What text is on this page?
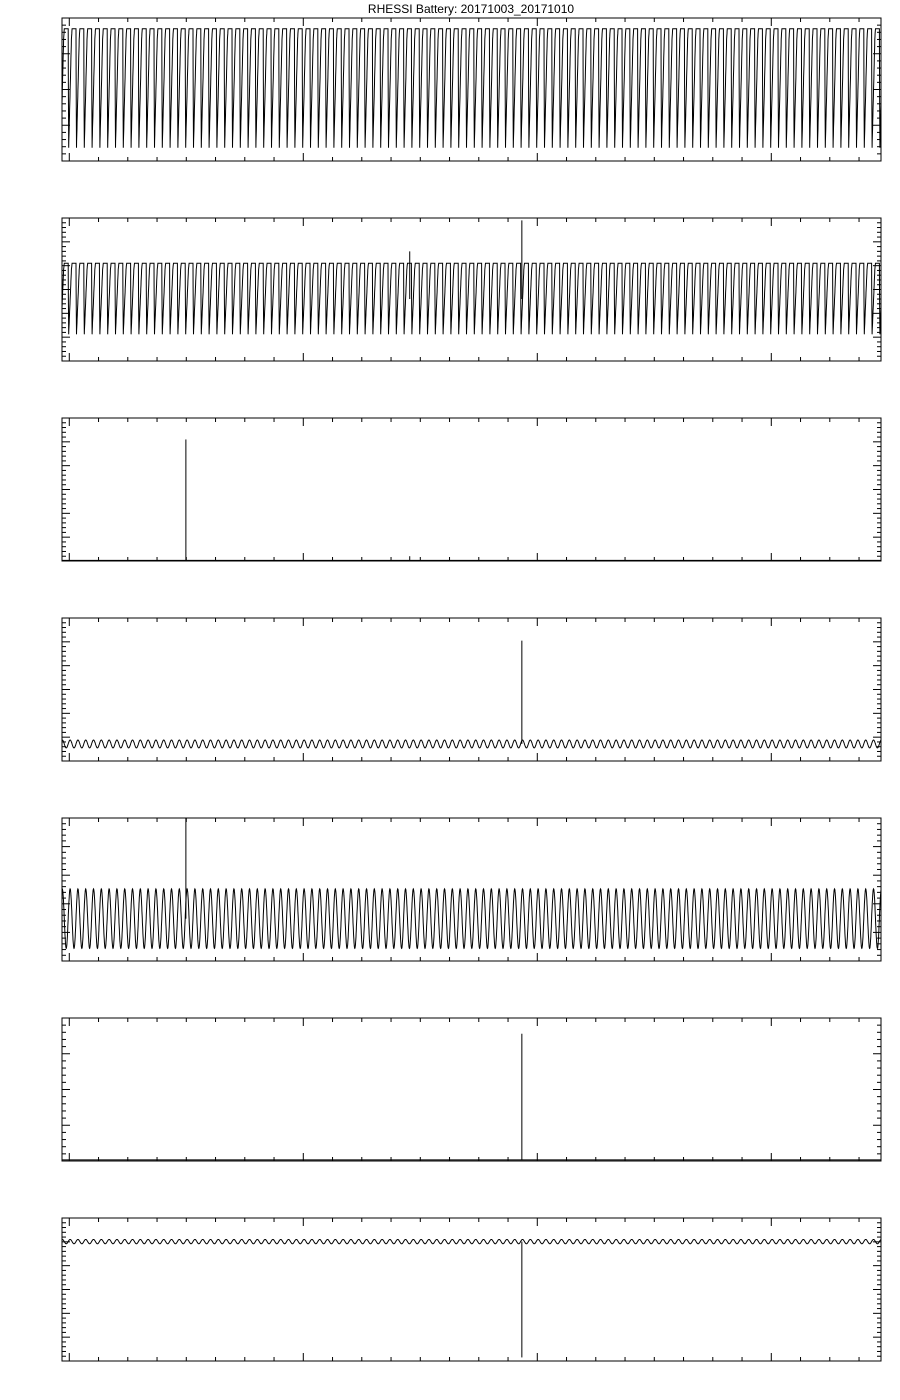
RHESSI Battery: 20171003_20171010
